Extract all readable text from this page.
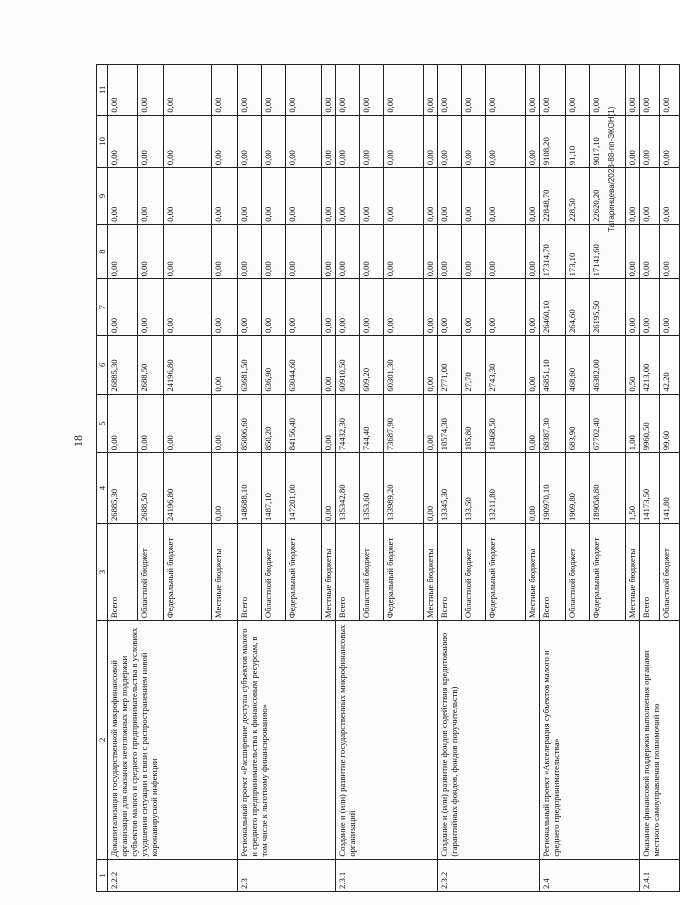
18
Татаринцева/2023-88-пп-ЭКОН(1)
1	2	3	4	5	6	7	8	9	10	11
2.2.2	Докапитализация государственной микрофинансовой организации для оказания неотложных мер поддержки субъектов малого и среднего предпринимательства в условиях ухудшения ситуации в связи с распространением новой коронавирусной инфекции	Всего	26885,30	0,00	26885,30	0,00	0,00	0,00	0,00	0,00
		Областной бюджет	2688,50	0,00	2688,50	0,00	0,00	0,00	0,00	0,00
		Федеральный бюджет	24196,80	0,00	24196,80	0,00	0,00	0,00	0,00	0,00
		Местные бюджеты	0,00	0,00	0,00	0,00	0,00	0,00	0,00	0,00
2.3	Региональный проект «Расширение доступа субъектов малого и среднего предпринимательства к финансовым ресурсам, в том числе к льготному финансированию»	Всего	148688,10	85006,60	63681,50	0,00	0,00	0,00	0,00	0,00
		Областной бюджет	1487,10	850,20	636,90	0,00	0,00	0,00	0,00	0,00
		Федеральный бюджет	147201,00	84156,40	63044,60	0,00	0,00	0,00	0,00	0,00
		Местные бюджеты	0,00	0,00	0,00	0,00	0,00	0,00	0,00	0,00
2.3.1	Создание и (или) развитие государственных микрофинансовых организаций	Всего	135342,80	74432,30	60910,50	0,00	0,00	0,00	0,00	0,00
		Областной бюджет	1353,60	744,40	609,20	0,00	0,00	0,00	0,00	0,00
		Федеральный бюджет	133989,20	73687,90	60301,30	0,00	0,00	0,00	0,00	0,00
		Местные бюджеты	0,00	0,00	0,00	0,00	0,00	0,00	0,00	0,00
2.3.2	Создание и (или) развитие фондов содействия кредитованию (гарантийных фондов, фондов поручительств)	Всего	13345,30	10574,30	2771,00	0,00	0,00	0,00	0,00	0,00
		Областной бюджет	133,50	105,80	27,70	0,00	0,00	0,00	0,00	0,00
		Федеральный бюджет	13211,80	10468,50	2743,30	0,00	0,00	0,00	0,00	0,00
		Местные бюджеты	0,00	0,00	0,00	0,00	0,00	0,00	0,00	0,00
2.4	Региональный проект «Акселерация субъектов малого и среднего предпринимательства»	Всего	190970,10	68387,30	46851,10	26460,10	17314,70	22848,70	9108,20	0,00
		Областной бюджет	1909,80	683,90	468,60	264,60	173,10	228,50	91,10	0,00
		Федеральный бюджет	189058,80	67702,40	46382,00	26195,50	17141,60	22620,20	9017,10	0,00
		Местные бюджеты	1,50	1,00	0,50	0,00	0,00	0,00	0,00	0,00
2.4.1	Оказание финансовой поддержки выполнения органами местного самоуправления полномочий по	Всего	14173,50	9960,50	4213,00	0,00	0,00	0,00	0,00	0,00
		Областной бюджет	141,80	99,60	42,20	0,00	0,00	0,00	0,00	0,00
